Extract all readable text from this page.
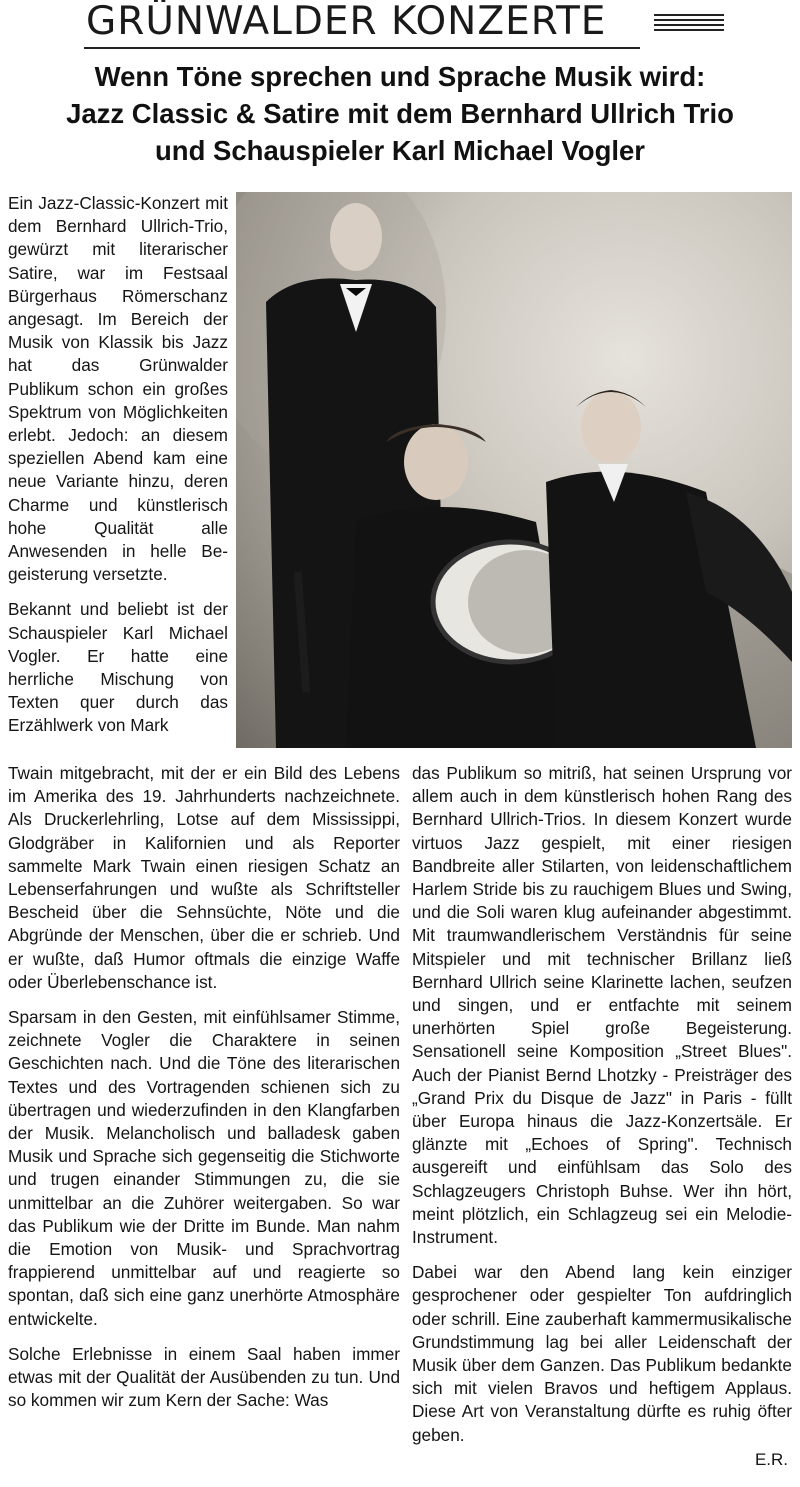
GRÜNWALDER KONZERTE
Wenn Töne sprechen und Sprache Musik wird:
Jazz Classic & Satire mit dem Bernhard Ullrich Trio
und Schauspieler Karl Michael Vogler

Ein Jazz-Classic-Konzert mit dem Bernhard Ullrich-Trio, gewürzt mit literarischer Satire, war im Festsaal Bürgerhaus Römerschanz angesagt. Im Bereich der Musik von Klassik bis Jazz hat das Grünwalder Publikum schon ein großes Spektrum von Möglichkeiten erlebt. Jedoch: an diesem speziellen Abend kam eine neue Variante hinzu, deren Charme und künstlerisch hohe Qualität alle Anwesenden in helle Begeisterung versetzte.

Bekannt und beliebt ist der Schauspieler Karl Michael Vogler. Er hatte eine herrliche Mischung von Texten quer durch das Erzählwerk von Mark

Twain mitgebracht, mit der er ein Bild des Lebens im Amerika des 19. Jahrhunderts nachzeichnete. Als Druckerlehrling, Lotse auf dem Mississippi, Glodgräber in Kalifornien und als Reporter sammelte Mark Twain einen riesigen Schatz an Lebenserfahrungen und wußte als Schriftsteller Bescheid über die Sehnsüchte, Nöte und die Abgründe der Menschen, über die er schrieb. Und er wußte, daß Humor oftmals die einzige Waffe oder Überlebenschance ist.

Sparsam in den Gesten, mit einfühlsamer Stimme, zeichnete Vogler die Charaktere in seinen Geschichten nach. Und die Töne des literarischen Textes und des Vortragenden schienen sich zu übertragen und wiederzufinden in den Klangfarben der Musik. Melancholisch und balladesk gaben Musik und Sprache sich gegenseitig die Stichworte und trugen einander Stimmungen zu, die sie unmittelbar an die Zuhörer weitergaben. So war das Publikum wie der Dritte im Bunde. Man nahm die Emotion von Musik- und Sprachvortrag frappierend unmittelbar auf und reagierte so spontan, daß sich eine ganz unerhörte Atmosphäre entwickelte.

Solche Erlebnisse in einem Saal haben immer etwas mit der Qualität der Ausübenden zu tun. Und so kommen wir zum Kern der Sache: Was

das Publikum so mitriß, hat seinen Ursprung vor allem auch in dem künstlerisch hohen Rang des Bernhard Ullrich-Trios. In diesem Konzert wurde virtuos Jazz gespielt, mit einer riesigen Bandbreite aller Stilarten, von leidenschaftlichem Harlem Stride bis zu rauchigem Blues und Swing, und die Soli waren klug aufeinander abgestimmt. Mit traumwandlerischem Verständnis für seine Mitspieler und mit technischer Brillanz ließ Bernhard Ullrich seine Klarinette lachen, seufzen und singen, und er entfachte mit seinem unerhörten Spiel große Begeisterung. Sensationell seine Komposition „Street Blues". Auch der Pianist Bernd Lhotzky - Preisträger des „Grand Prix du Disque de Jazz" in Paris - füllt über Europa hinaus die Jazz-Konzertsäle. Er glänzte mit „Echoes of Spring". Technisch ausgereift und einfühlsam das Solo des Schlagzeugers Christoph Buhse. Wer ihn hört, meint plötzlich, ein Schlagzeug sei ein Melodie-Instrument.

Dabei war den Abend lang kein einziger gesprochener oder gespielter Ton aufdringlich oder schrill. Eine zauberhaft kammermusikalische Grundstimmung lag bei aller Leidenschaft der Musik über dem Ganzen. Das Publikum bedankte sich mit vielen Bravos und heftigem Applaus. Diese Art von Veranstaltung dürfte es ruhig öfter geben.

E.R.
